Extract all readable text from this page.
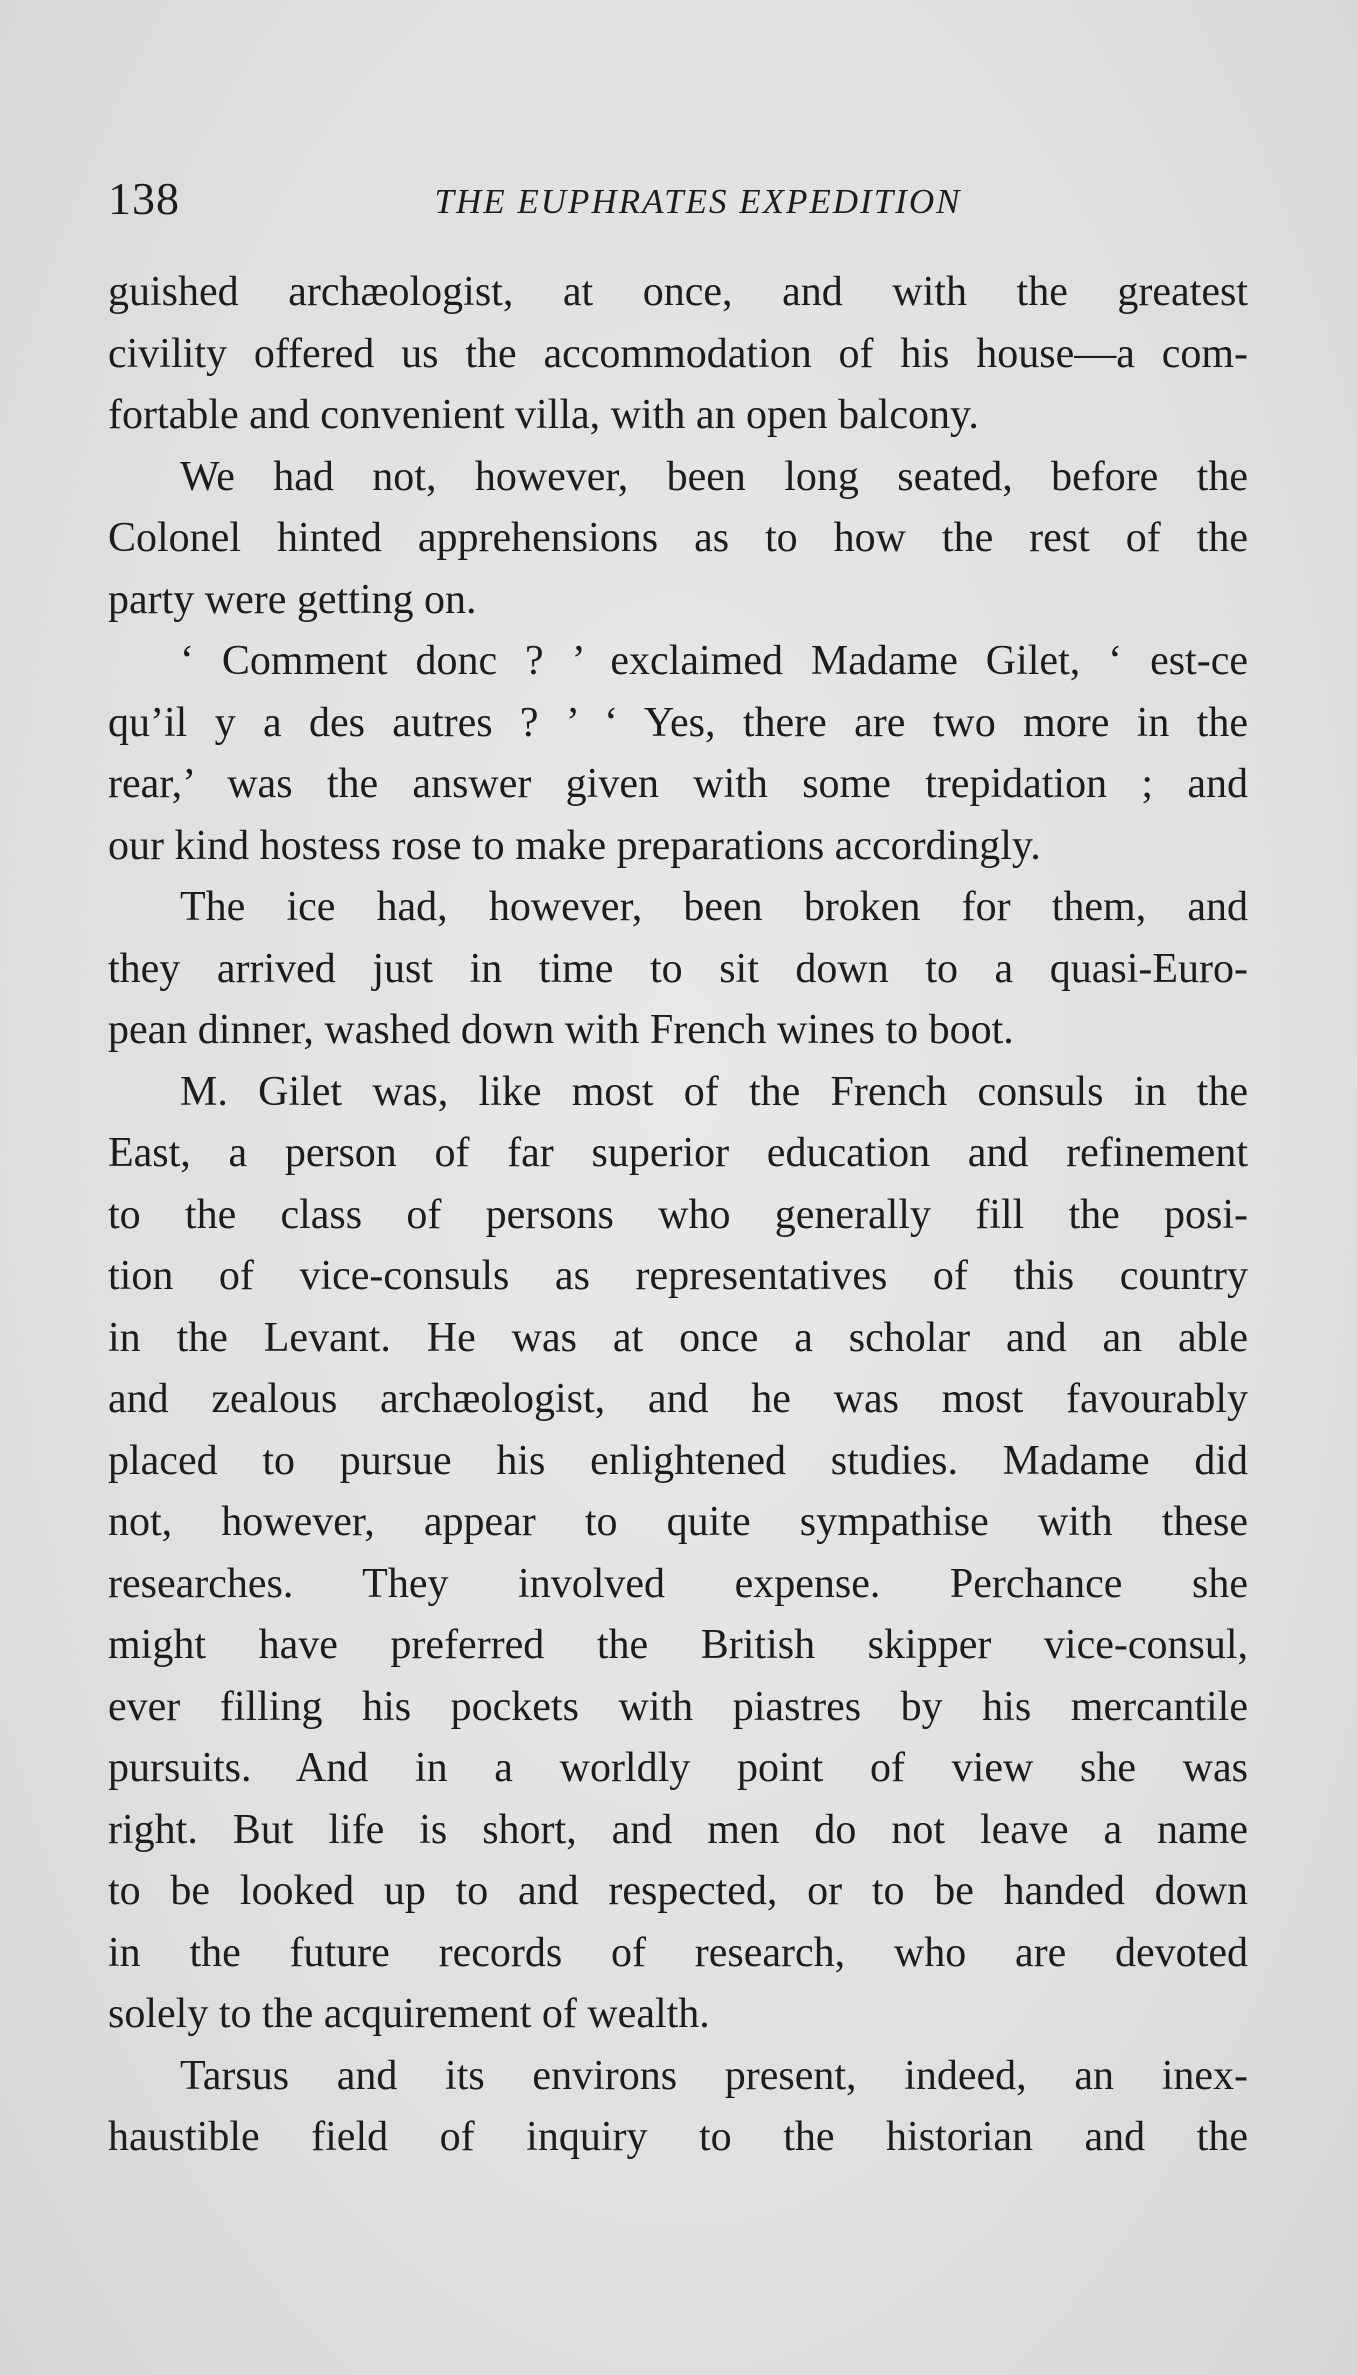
138	THE EUPHRATES EXPEDITION

guished archæologist, at once, and with the greatest
civility offered us the accommodation of his house—a com-
fortable and convenient villa, with an open balcony.

We had not, however, been long seated, before the
Colonel hinted apprehensions as to how the rest of the
party were getting on.

‘ Comment donc ? ’ exclaimed Madame Gilet, ‘ est-ce
qu’il y a des autres ? ’ ‘ Yes, there are two more in the
rear,’ was the answer given with some trepidation ; and
our kind hostess rose to make preparations accordingly.

The ice had, however, been broken for them, and
they arrived just in time to sit down to a quasi-Euro-
pean dinner, washed down with French wines to boot.

M. Gilet was, like most of the French consuls in the
East, a person of far superior education and refinement
to the class of persons who generally fill the posi-
tion of vice-consuls as representatives of this country
in the Levant. He was at once a scholar and an able
and zealous archæologist, and he was most favourably
placed to pursue his enlightened studies. Madame did
not, however, appear to quite sympathise with these
researches. They involved expense. Perchance she
might have preferred the British skipper vice-consul,
ever filling his pockets with piastres by his mercantile
pursuits. And in a worldly point of view she was
right. But life is short, and men do not leave a name
to be looked up to and respected, or to be handed down
in the future records of research, who are devoted
solely to the acquirement of wealth.

Tarsus and its environs present, indeed, an inex-
haustible field of inquiry to the historian and the
